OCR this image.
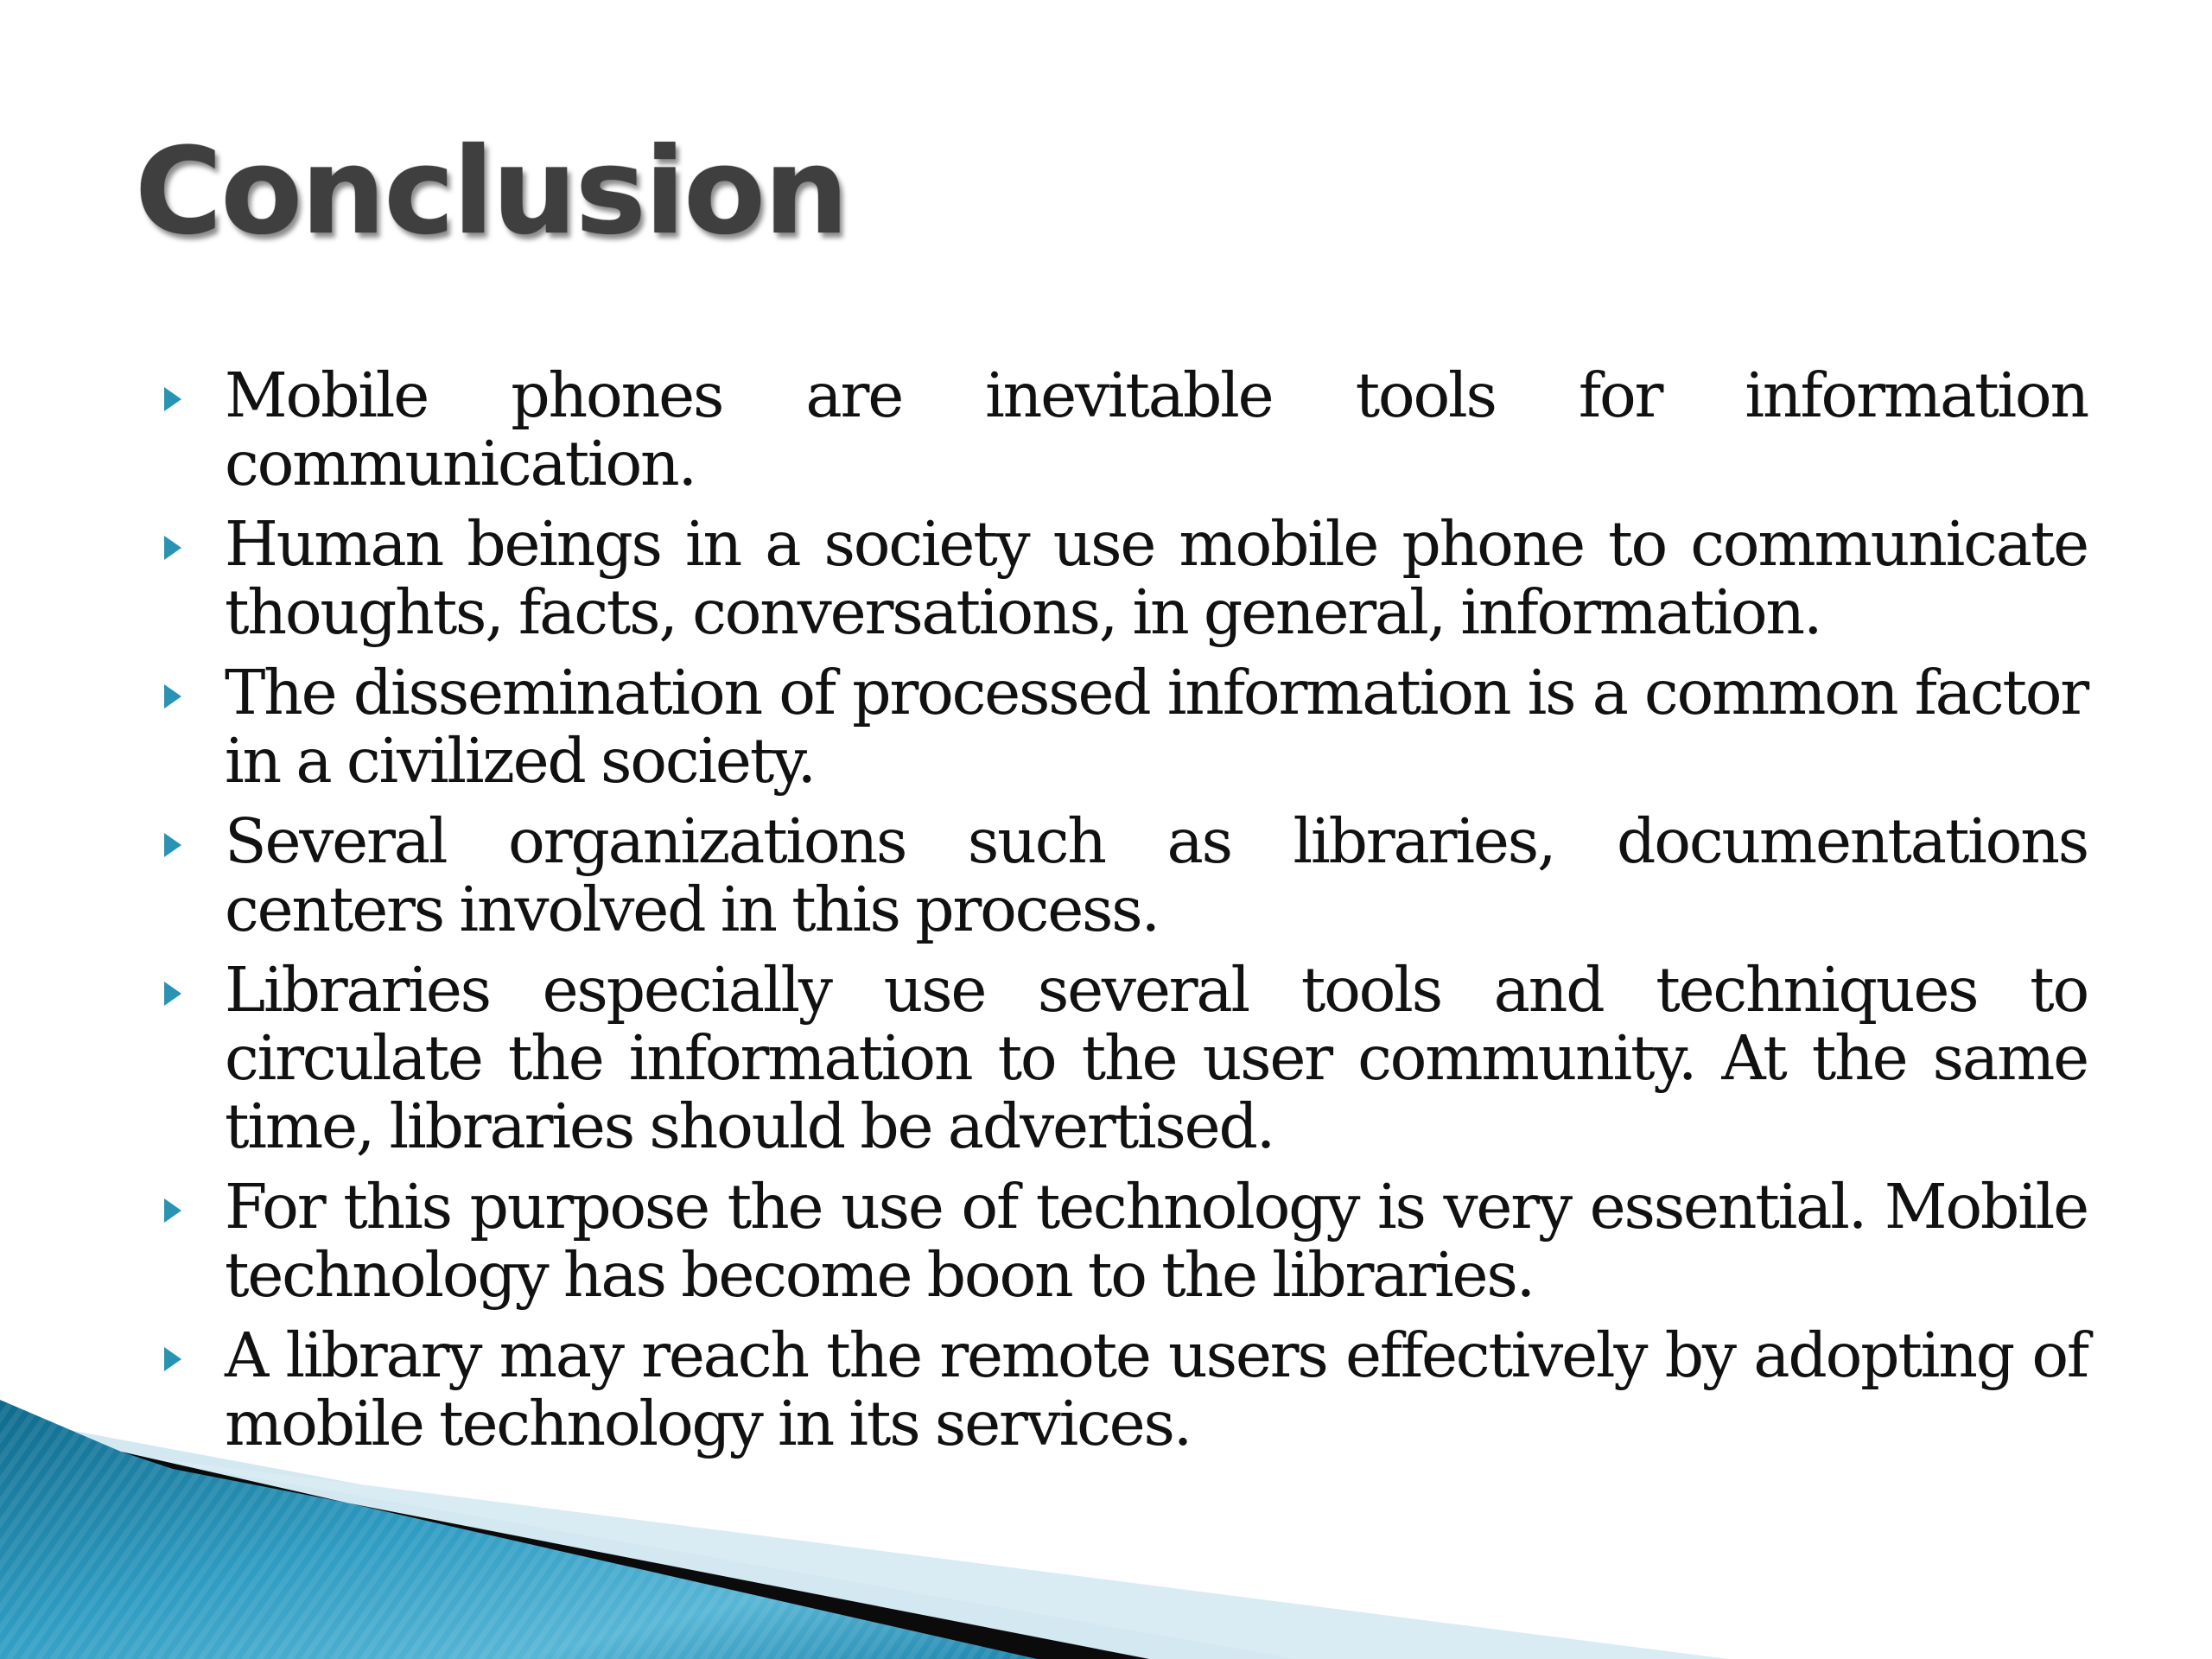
Conclusion
Mobile phones are inevitable tools for information communication.
Human beings in a society use mobile phone to communicate thoughts, facts, conversations, in general, information.
The dissemination of processed information is a common factor in a civilized society.
Several organizations such as libraries, documentations centers involved in this process.
Libraries especially use several tools and techniques to circulate the information to the user community. At the same time, libraries should be advertised.
For this purpose the use of technology is very essential. Mobile technology has become boon to the libraries.
A library may reach the remote users effectively by adopting of mobile technology in its services.
